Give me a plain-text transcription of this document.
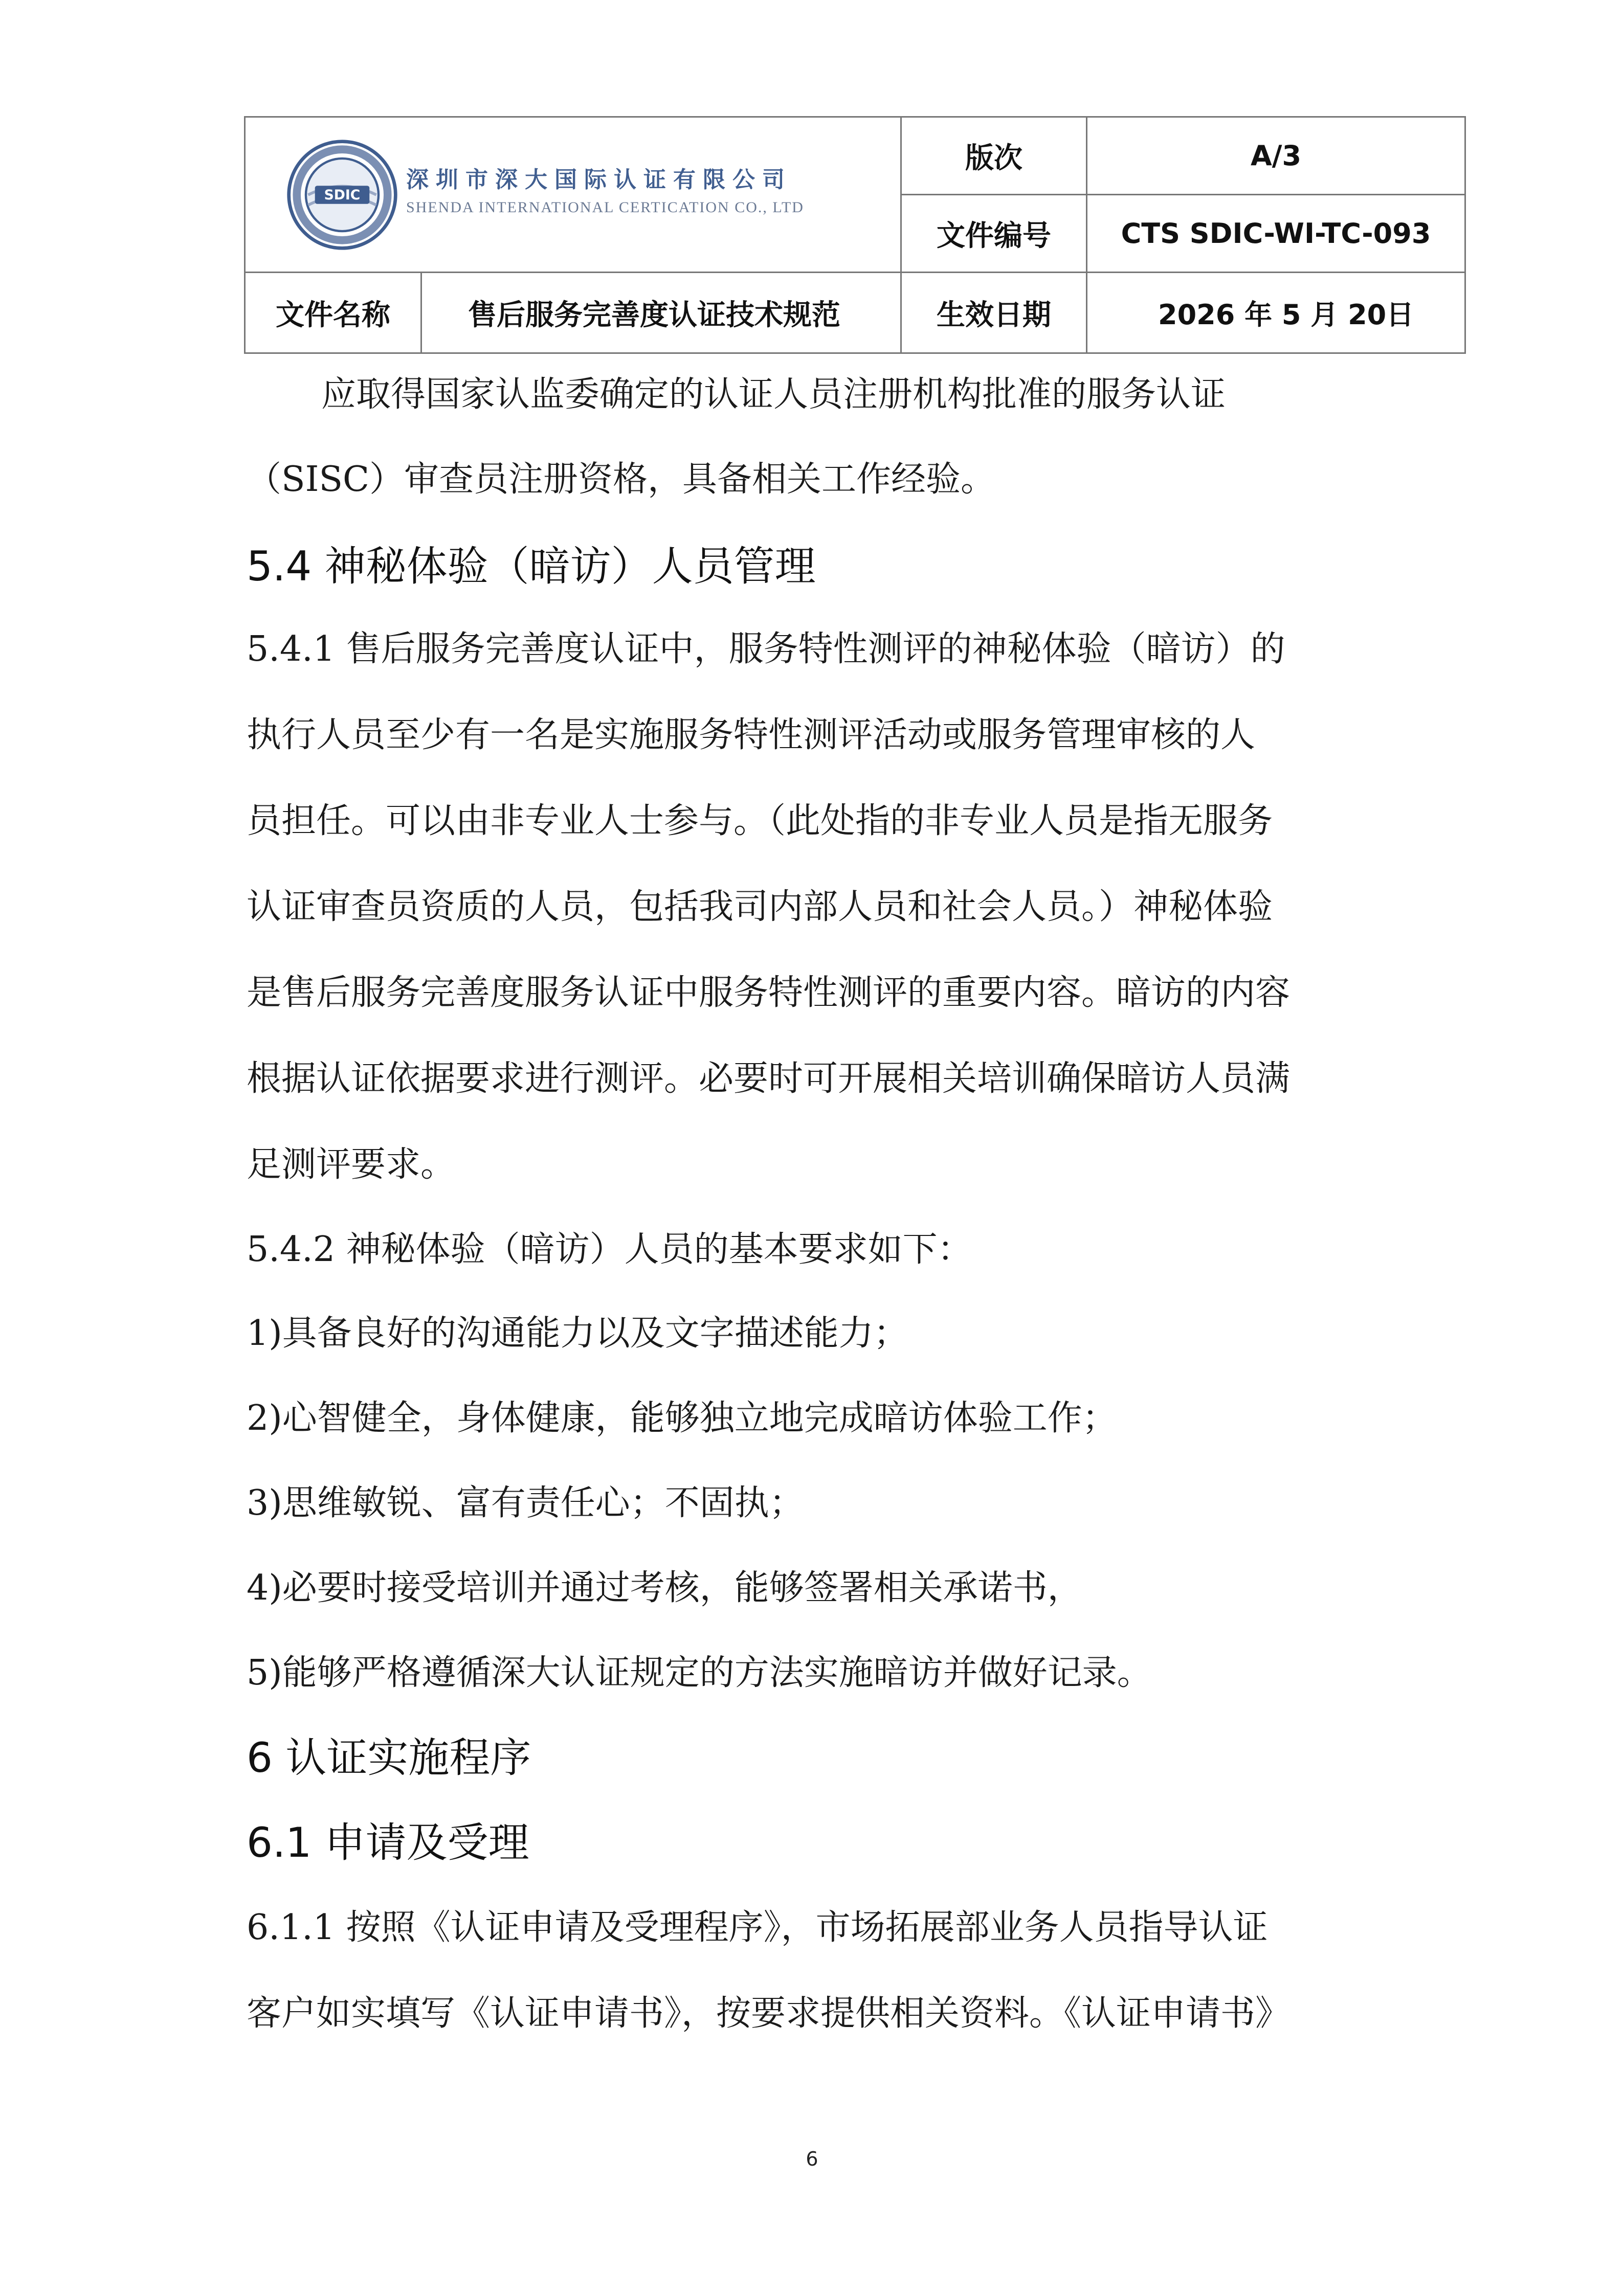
SDIC
深圳市深大国际认证有限公司
SHENDA INTERNATIONAL CERTICATION CO., LTD		版次	A/3
		文件编号	CTS SDIC-WI-TC-093
文件名称	售后服务完善度认证技术规范	生效日期	2026 年 5 月 20日
应取得国家认监委确定的认证人员注册机构批准的服务认证
（SISC）审查员注册资格，具备相关工作经验。
5.4 神秘体验（暗访）人员管理
5.4.1 售后服务完善度认证中，服务特性测评的神秘体验（暗访）的
执行人员至少有一名是实施服务特性测评活动或服务管理审核的人
员担任。可以由非专业人士参与。（此处指的非专业人员是指无服务
认证审查员资质的人员，包括我司内部人员和社会人员。）神秘体验
是售后服务完善度服务认证中服务特性测评的重要内容。暗访的内容
根据认证依据要求进行测评。必要时可开展相关培训确保暗访人员满
足测评要求。
5.4.2 神秘体验（暗访）人员的基本要求如下：
1)具备良好的沟通能力以及文字描述能力；
2)心智健全，身体健康，能够独立地完成暗访体验工作；
3)思维敏锐、富有责任心；不固执；
4)必要时接受培训并通过考核，能够签署相关承诺书，
5)能够严格遵循深大认证规定的方法实施暗访并做好记录。
6 认证实施程序
6.1 申请及受理
6.1.1 按照《认证申请及受理程序》，市场拓展部业务人员指导认证
客户如实填写《认证申请书》，按要求提供相关资料。《认证申请书》
6
